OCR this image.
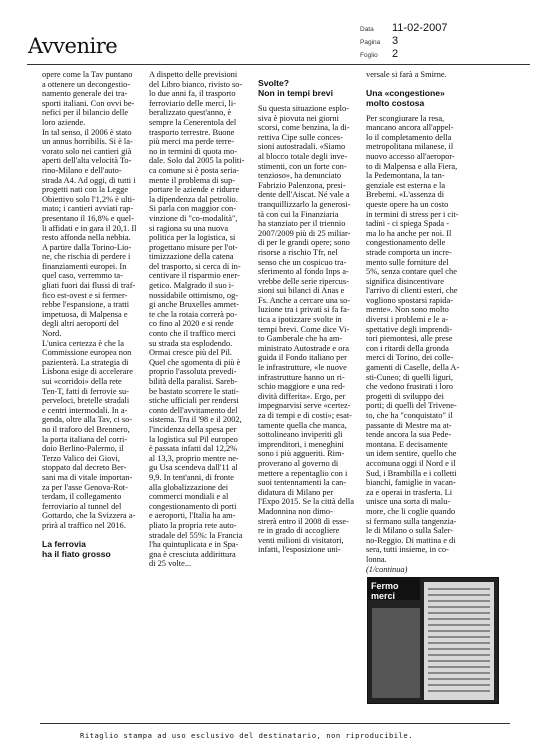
Avvenire
Data	11-02-2007
Pagina	3
Foglio	2

opere come la Tav puntano
a ottenere un decongestio-
namento generale dei tra-
sporti italiani. Con ovvi be-
nefici per il bilancio delle
loro aziende.
In tal senso, il 2006 è stato
un annus horribilis. Si è la-
vorato solo nei cantieri già
aperti dell'alta velocità To-
rino-Milano e dell'auto-
strada A4. Ad oggi, di tutti i
progetti nati con la Legge
Obiettivo solo l'1,2% è ulti-
mato; i cantieri avviati rap-
presentano il 16,8% e quel-
li affidati e in gara il 20,1. Il
resto affonda nella nebbia.
A partire dalla Torino-Lio-
ne, che rischia di perdere i
finanziamenti europei. In
quel caso, verremmo ta-
gliati fuori dai flussi di traf-
fico est-ovest e si fermer-
rebbe l'espansione, a tratti
impetuosa, di Malpensa e
degli altri aeroporti del
Nord.
L'unica certezza è che la
Commissione europea non
pazienterà. La strategia di
Lisbona esige di accelerare
sui «corridoi» della rete
Ten-T, fatti di ferrovie su-
perveloci, bretelle stradali
e centri intermodali. In a-
genda, oltre alla Tav, ci so-
no il traforo del Brennero,
la porta italiana del corri-
doio Berlino-Palermo, il
Terzo Valico dei Giovi,
stoppato dal decreto Ber-
sani ma di vitale importan-
za per l'asse Genova-Rot-
terdam, il collegamento
ferroviario al tunnel del
Gottardo, che la Svizzera a-
prirà al traffico nel 2016.

La ferrovia
ha il fiato grosso

A dispetto delle previsioni
del Libro bianco, rivisto so-
lo due anni fa, il trasporto
ferroviario delle merci, li-
beralizzato quest'anno, è
sempre la Cenerentola del
trasporto terrestre. Buone
più merci ma perde terre-
no in termini di quota mo-
dale. Solo dal 2005 la politi-
ca comune si è posta seria-
mente il problema di sup-
portare le aziende e ridurre
la dipendenza dal petrolio.
Si parla con maggior con-
vinzione di "co-modalità",
si ragiona su una nuova
politica per la logistica, si
progettano misure per l'ot-
timizzazione della catena
del trasporto, si cerca di in-
centivare il risparmio ener-
getico. Malgrado il suo i-
nossidabile ottimismo, og-
gi anche Bruxelles ammet-
te che la rotaia correrà po-
co fino al 2020 e si rende
conto che il traffico merci
su strada sta esplodendo.
Ormai cresce più del Pil.
Quel che sgomenta di più è
proprio l'assoluta prevedi-
bilità della paralisi. Sareb-
be bastato scorrere le stati-
stiche ufficiali per rendersi
conto dell'avvitamento del
sistema. Tra il '98 e il 2002,
l'incidenza della spesa per
la logistica sul Pil europeo
è passata infatti dal 12,2%
al 13,3, proprio mentre ne-
gu Usa scendeva dall'11 al
9,9. In tent'anni, di fronte
alla globalizzazione dei
commerci mondiali e al
congestionamento di porti
e aeroporti, l'Italia ha am-
pliato la propria rete auto-
stradale del 55%: la Francia
l'ha quintuplicata e in Spa-
gna è cresciuta addirittura
di 25 volte...

Svolte?
Non in tempi brevi

Su questa situazione esplo-
siva è piovuta nei giorni
scorsi, come benzina, la di-
rettiva Cipe sulle conces-
sioni autostradali. «Siamo
al blocco totale degli inve-
stimenti, con un forte con-
tenzioso», ha denunciato
Fabrizio Palenzona, presi-
dente dell'Aiscat. Né vale a
tranquillizzarlo la generosi-
tà con cui la Finanziaria
ha stanziato per il triennio
2007/2009 più di 25 miliar-
di per le grandi opere; sono
risorse a rischio Tfr, nel
senso che un cospicuo tra-
sferimento al fondo Inps a-
vrebbe delle serie ripercus-
sioni sui bilanci di Anas e
Fs. Anche a cercare una so-
luzione tra i privati si fa fa-
tica a ipotizzare svolte in
tempi brevi. Come dice Vi-
to Gamberale che ha am-
ministrato Autostrade e ora
guida il Fondo italiano per
le infrastrutture, «le nuove
infrastrutture hanno un ri-
schio maggiore e una red-
dività differita». Ergo, per
impegnarvisi serve «certez-
za di tempi e di costi»; esat-
tamente quella che manca,
sottolineano inviperiti gli
imprenditori, i meneghini
sono i più aggueriti. Rim-
proverano al governo di
mettere a repentaglio con i
suoi tentennamenti la can-
didatura di Milano per
l'Expo 2015. Se la città della
Madonnina non dimo-
strerà entro il 2008 di esse-
re in grado di accogliere
venti milioni di visitatori,
infatti, l'esposizione uni-

versale si farà a Smirne.

Una «congestione»
molto costosa

Per scongiurare la resa,
mancano ancora all'appel-
lo il completamento della
metropolitana milanese, il
nuovo accesso all'aeropor-
to di Malpensa e alla Fiera,
la Pedemontana, la tan-
genziale est esterna e la
Brebemi. «L'assenza di
queste opere ha un costo
in termini di stress per i cit-
tadini - ci spiega Spada -
ma lo ha anche per noi. Il
congestionamento delle
strade comporta un incre-
mento sulle forniture del
5%, senza contare quel che
significa disincentivare
l'arrivo di clienti esteri, che
vogliono spostarsi rapida-
mente». Non sono molto
diversi i problemi e le a-
spettative degli imprendi-
tori piemontesi, alle prese
con i ritardi della gronda
merci di Torino, dei colle-
gamenti di Caselle, della A-
sti-Cuneo; di quelli liguri,
che vedono frustrati i loro
progetti di sviluppo dei
porti; di quelli del Trivene-
to, che ha "conquistato" il
passante di Mestre ma at-
tende ancora la sua Pede-
montana. E decisamente
un idem sentire, quello che
accomuna oggi il Nord e il
Sud, i Brambilla e i colletti
bianchi, famiglie in vacan-
za e operai in trasferta. Li
unisce una sorta di malu-
more, che li coglie quando
si fermano sulla tangenzia-
le di Milano o sulla Saler-
no-Reggio. Di mattina e di
sera, tutti insieme, in co-
lonna.

(1/continua)

Fermo merci
Ritaglio stampa ad uso esclusivo del destinatario, non riproducibile.
